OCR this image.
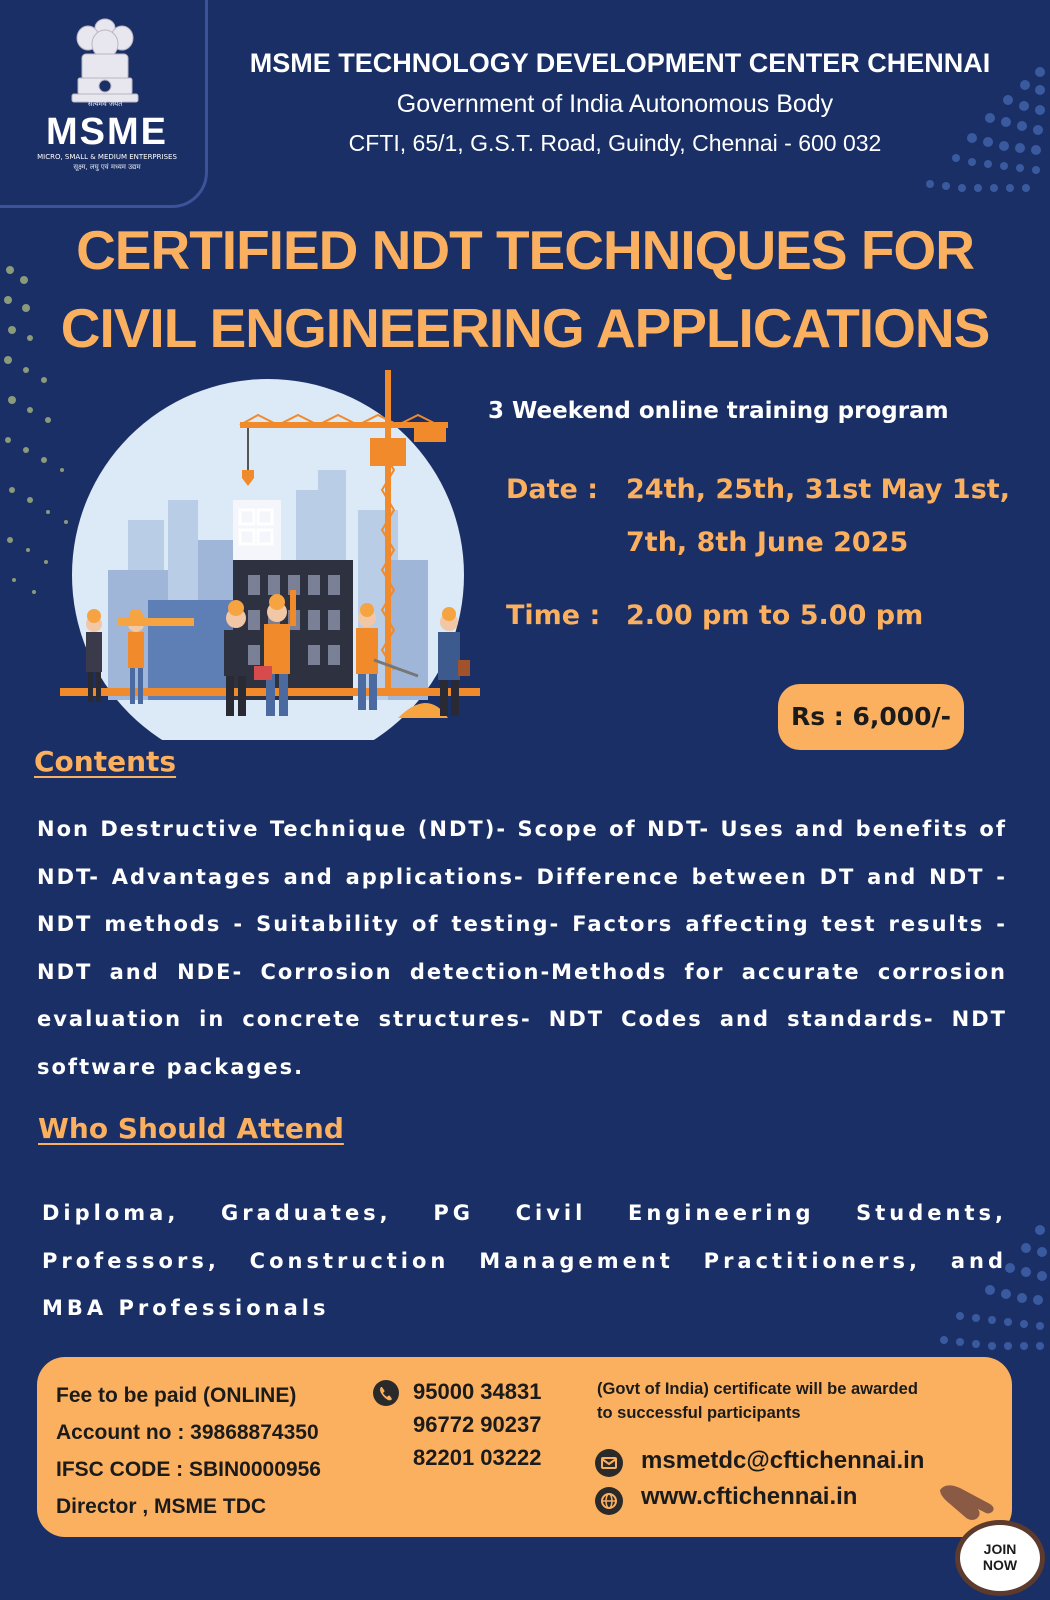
सत्यमेव जयते
MSME
MICRO, SMALL & MEDIUM ENTERPRISES
सूक्ष्म, लघु एवं मध्यम उद्यम
MSME TECHNOLOGY DEVELOPMENT CENTER CHENNAI
Government of India Autonomous Body
CFTI, 65/1, G.S.T. Road, Guindy, Chennai - 600 032
CERTIFIED NDT TECHNIQUES FOR
CIVIL ENGINEERING APPLICATIONS
3 Weekend online training program
Date : 24th, 25th, 31st May 1st,
7th, 8th June 2025
Time : 2.00 pm to 5.00 pm
Rs : 6,000/-
Contents
Non Destructive Technique (NDT)- Scope of NDT- Uses and benefits of NDT- Advantages and applications- Difference between DT and NDT - NDT methods - Suitability of testing- Factors affecting test results - NDT and NDE- Corrosion detection-Methods for accurate corrosion evaluation in concrete structures- NDT Codes and standards- NDT software packages.
Who Should Attend
Diploma, Graduates, PG Civil Engineering Students, Professors, Construction Management Practitioners, and MBA Professionals
Fee to be paid (ONLINE)
Account no : 39868874350
IFSC CODE : SBIN0000956
Director , MSME TDC
95000 34831
96772 90237
82201 03222
(Govt of India) certificate will be awarded
to successful participants
msmetdc@cftichennai.in
www.cftichennai.in
JOIN
NOW
